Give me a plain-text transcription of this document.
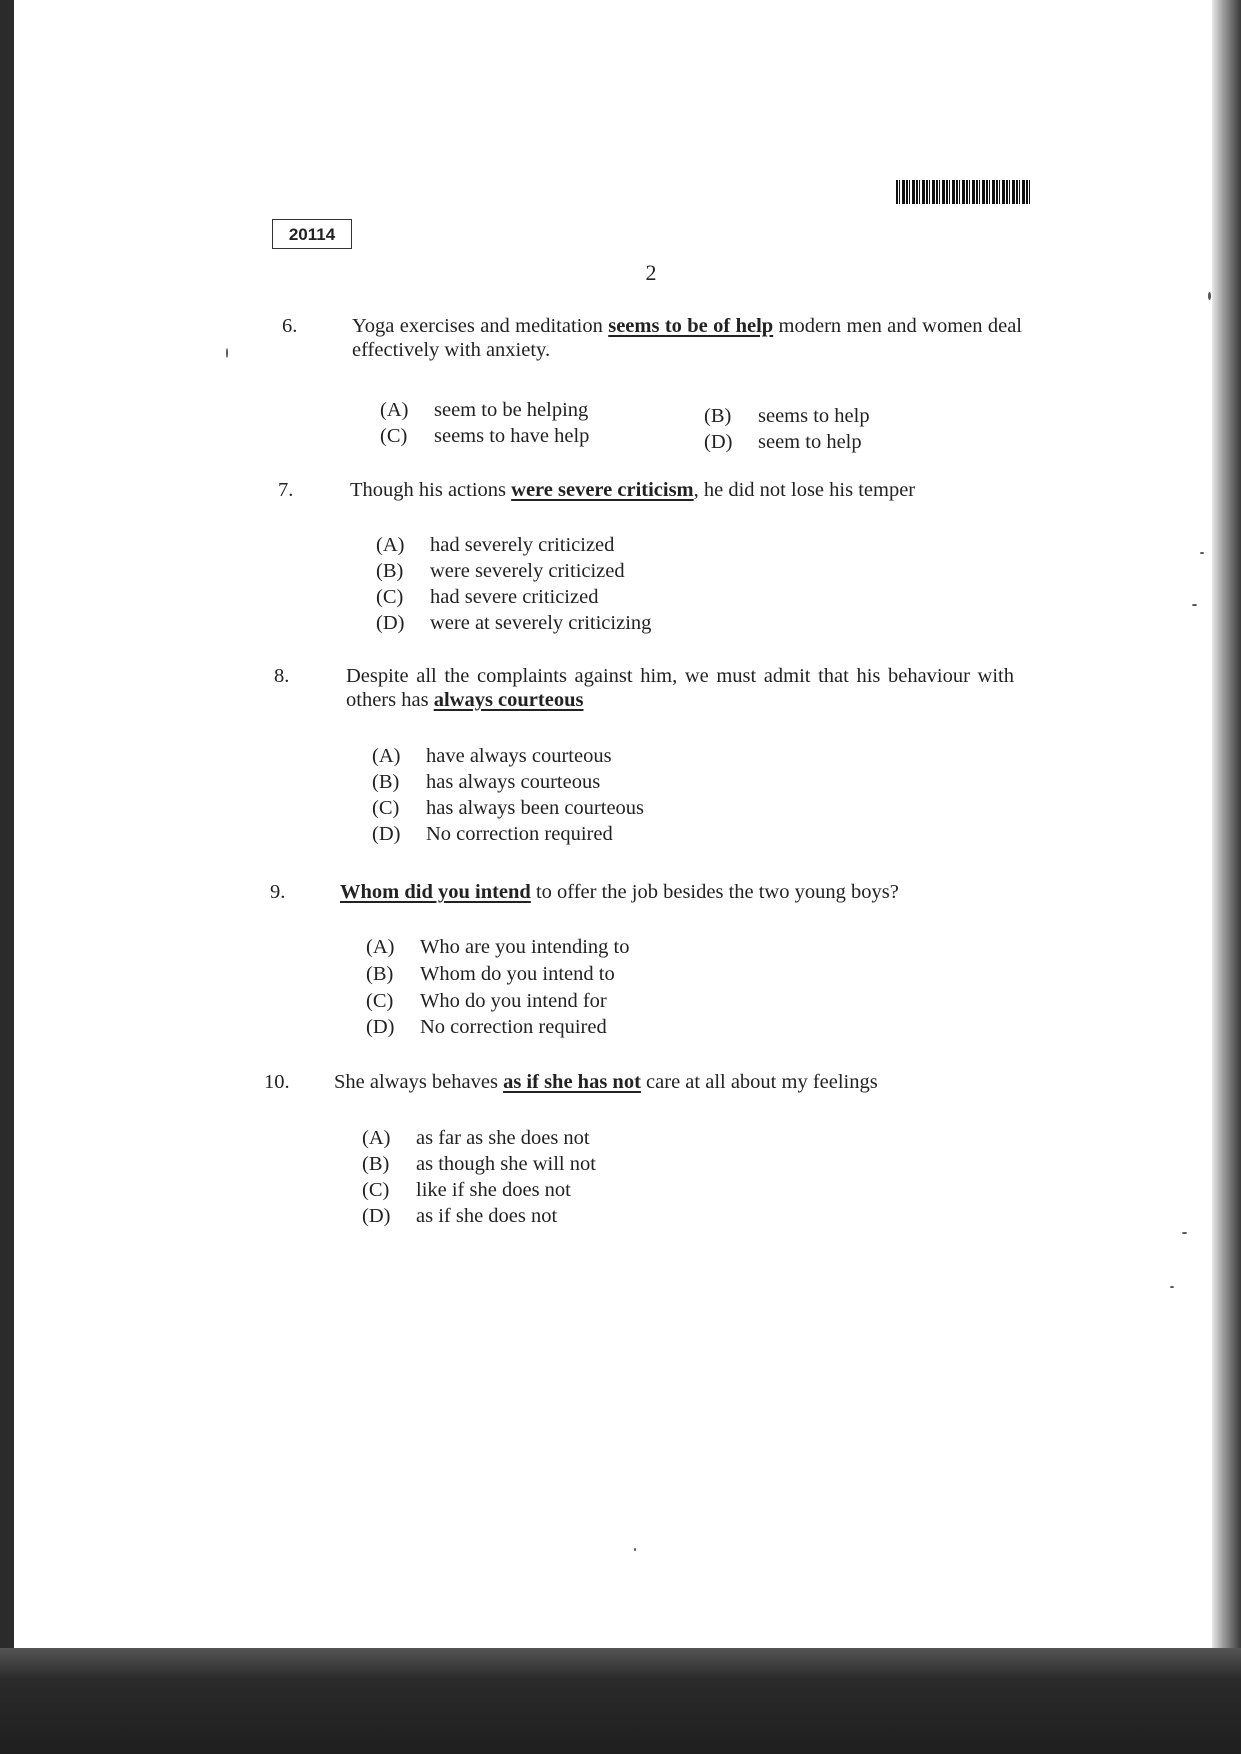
20114
2
6.	Yoga exercises and meditation seems to be of help modern men and women deal effectively with anxiety.
(A) seem to be helping	(B) seems to help
(C) seems to have help	(D) seem to help
7.	Though his actions were severe criticism, he did not lose his temper
(A) had severely criticized
(B) were severely criticized
(C) had severe criticized
(D) were at severely criticizing
8.	Despite all the complaints against him, we must admit that his behaviour with others has always courteous
(A) have always courteous
(B) has always courteous
(C) has always been courteous
(D) No correction required
9.	Whom did you intend to offer the job besides the two young boys?
(A) Who are you intending to
(B) Whom do you intend to
(C) Who do you intend for
(D) No correction required
10. She always behaves as if she has not care at all about my feelings
(A) as far as she does not
(B) as though she will not
(C) like if she does not
(D) as if she does not
